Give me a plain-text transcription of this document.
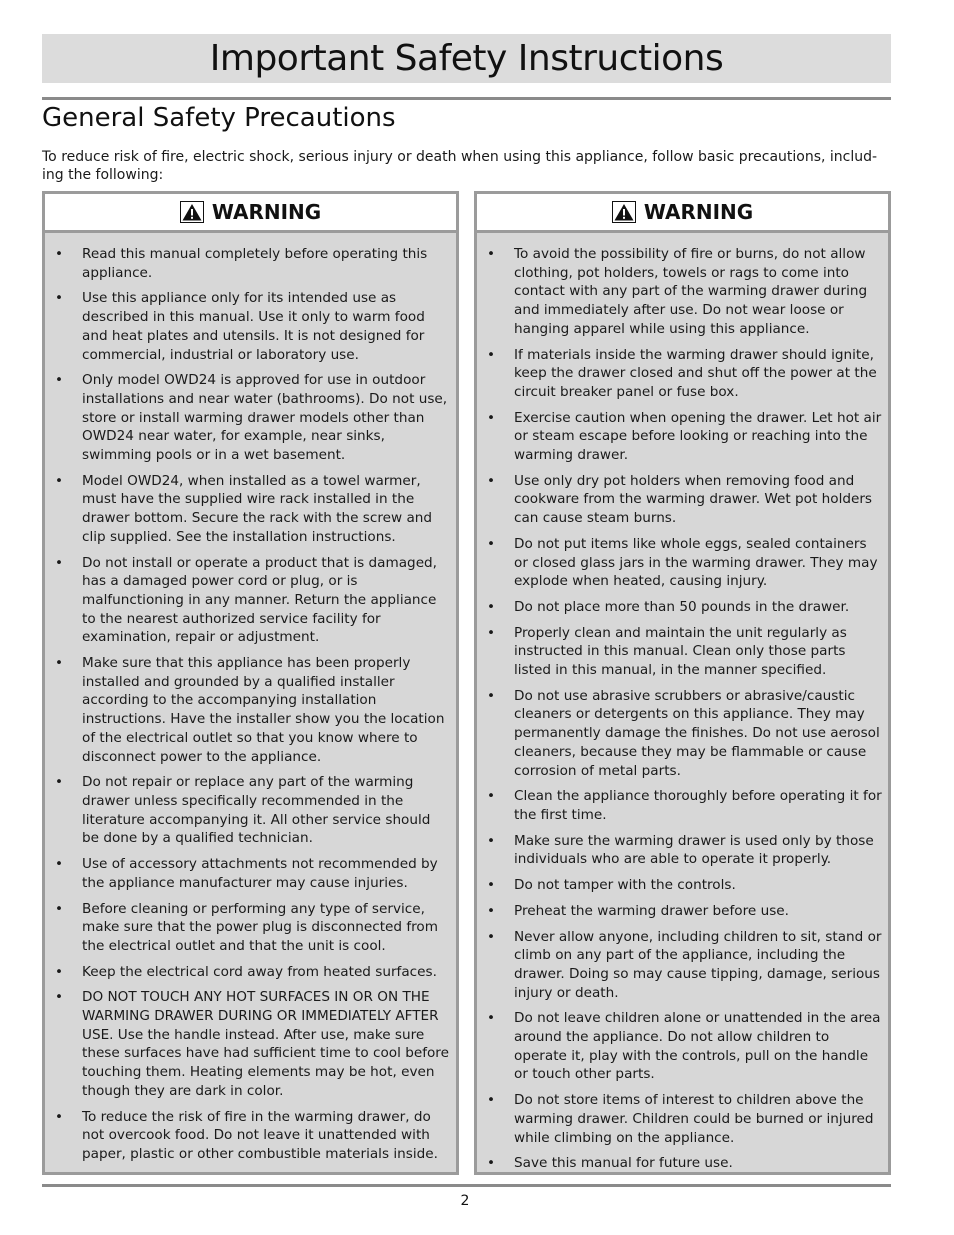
Important Safety Instructions
General Safety Precautions

To reduce risk of fire, electric shock, serious injury or death when using this appliance, follow basic precautions, includ-ing the following:

WARNING
• Read this manual completely before operating this appliance.
• Use this appliance only for its intended use as described in this manual. Use it only to warm food and heat plates and utensils. It is not designed for commercial, industrial or laboratory use.
• Only model OWD24 is approved for use in outdoor installations and near water (bathrooms). Do not use, store or install warming drawer models other than OWD24 near water, for example, near sinks, swimming pools or in a wet basement.
• Model OWD24, when installed as a towel warmer, must have the supplied wire rack installed in the drawer bottom. Secure the rack with the screw and clip supplied. See the installation instructions.
• Do not install or operate a product that is damaged, has a damaged power cord or plug, or is malfunctioning in any manner. Return the appliance to the nearest authorized service facility for examination, repair or adjustment.
• Make sure that this appliance has been properly installed and grounded by a qualified installer according to the accompanying installation instructions. Have the installer show you the location of the electrical outlet so that you know where to disconnect power to the appliance.
• Do not repair or replace any part of the warming drawer unless specifically recommended in the literature accompanying it. All other service should be done by a qualified technician.
• Use of accessory attachments not recommended by the appliance manufacturer may cause injuries.
• Before cleaning or performing any type of service, make sure that the power plug is disconnected from the electrical outlet and that the unit is cool.
• Keep the electrical cord away from heated surfaces.
• DO NOT TOUCH ANY HOT SURFACES IN OR ON THE WARMING DRAWER DURING OR IMMEDIATELY AFTER USE. Use the handle instead. After use, make sure these surfaces have had sufficient time to cool before touching them. Heating elements may be hot, even though they are dark in color.
• To reduce the risk of fire in the warming drawer, do not overcook food. Do not leave it unattended with paper, plastic or other combustible materials inside.
WARNING
• To avoid the possibility of fire or burns, do not allow clothing, pot holders, towels or rags to come into contact with any part of the warming drawer during and immediately after use. Do not wear loose or hanging apparel while using this appliance.
• If materials inside the warming drawer should ignite, keep the drawer closed and shut off the power at the circuit breaker panel or fuse box.
• Exercise caution when opening the drawer. Let hot air or steam escape before looking or reaching into the warming drawer.
• Use only dry pot holders when removing food and cookware from the warming drawer. Wet pot holders can cause steam burns.
• Do not put items like whole eggs, sealed containers or closed glass jars in the warming drawer. They may explode when heated, causing injury.
• Do not place more than 50 pounds in the drawer.
• Properly clean and maintain the unit regularly as instructed in this manual. Clean only those parts listed in this manual, in the manner specified.
• Do not use abrasive scrubbers or abrasive/caustic cleaners or detergents on this appliance. They may permanently damage the finishes. Do not use aerosol cleaners, because they may be flammable or cause corrosion of metal parts.
• Clean the appliance thoroughly before operating it for the first time.
• Make sure the warming drawer is used only by those individuals who are able to operate it properly.
• Do not tamper with the controls.
• Preheat the warming drawer before use.
• Never allow anyone, including children to sit, stand or climb on any part of the appliance, including the drawer. Doing so may cause tipping, damage, serious injury or death.
• Do not leave children alone or unattended in the area around the appliance. Do not allow children to operate it, play with the controls, pull on the handle or touch other parts.
• Do not store items of interest to children above the warming drawer. Children could be burned or injured while climbing on the appliance.
• Save this manual for future use.
2
